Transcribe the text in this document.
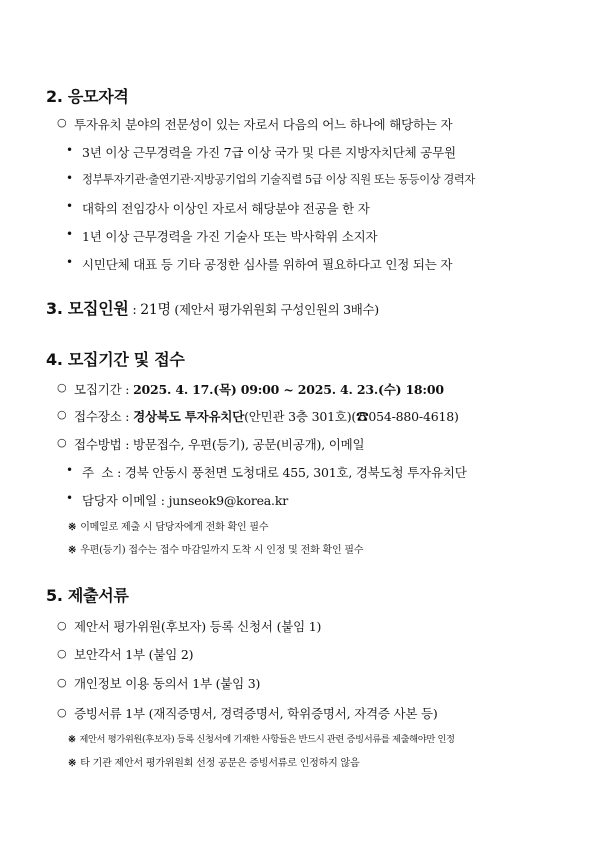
2. 응모자격
○ 투자유치 분야의 전문성이 있는 자로서 다음의 어느 하나에 해당하는 자
• 3년 이상 근무경력을 가진 7급 이상 국가 및 다른 지방자치단체 공무원
• 정부투자기관·출연기관·지방공기업의 기술직렬 5급 이상 직원 또는 동등이상 경력자
• 대학의 전임강사 이상인 자로서 해당분야 전공을 한 자
• 1년 이상 근무경력을 가진 기술사 또는 박사학위 소지자
• 시민단체 대표 등 기타 공정한 심사를 위하여 필요하다고 인정 되는 자
3. 모집인원 : 21명 (제안서 평가위원회 구성인원의 3배수)
4. 모집기간 및 접수
○ 모집기간 : 2025. 4. 17.(목) 09:00 ~ 2025. 4. 23.(수) 18:00
○ 접수장소 : 경상북도 투자유치단(안민관 3층 301호)(☎054-880-4618)
○ 접수방법 : 방문접수, 우편(등기), 공문(비공개), 이메일
• 주  소 : 경북 안동시 풍천면 도청대로 455, 301호, 경북도청 투자유치단
• 담당자 이메일 : junseok9@korea.kr
※ 이메일로 제출 시 담당자에게 전화 확인 필수
※ 우편(등기) 접수는 접수 마감일까지 도착 시 인정 및 전화 확인 필수
5. 제출서류
○ 제안서 평가위원(후보자) 등록 신청서 (붙임 1)
○ 보안각서 1부 (붙임 2)
○ 개인정보 이용 동의서 1부 (붙임 3)
○ 증빙서류 1부 (재직증명서, 경력증명서, 학위증명서, 자격증 사본 등)
※ 제안서 평가위원(후보자) 등록 신청서에 기재한 사항들은 반드시 관련 증빙서류를 제출해야만 인정
※ 타 기관 제안서 평가위원회 선정 공문은 증빙서류로 인정하지 않음
